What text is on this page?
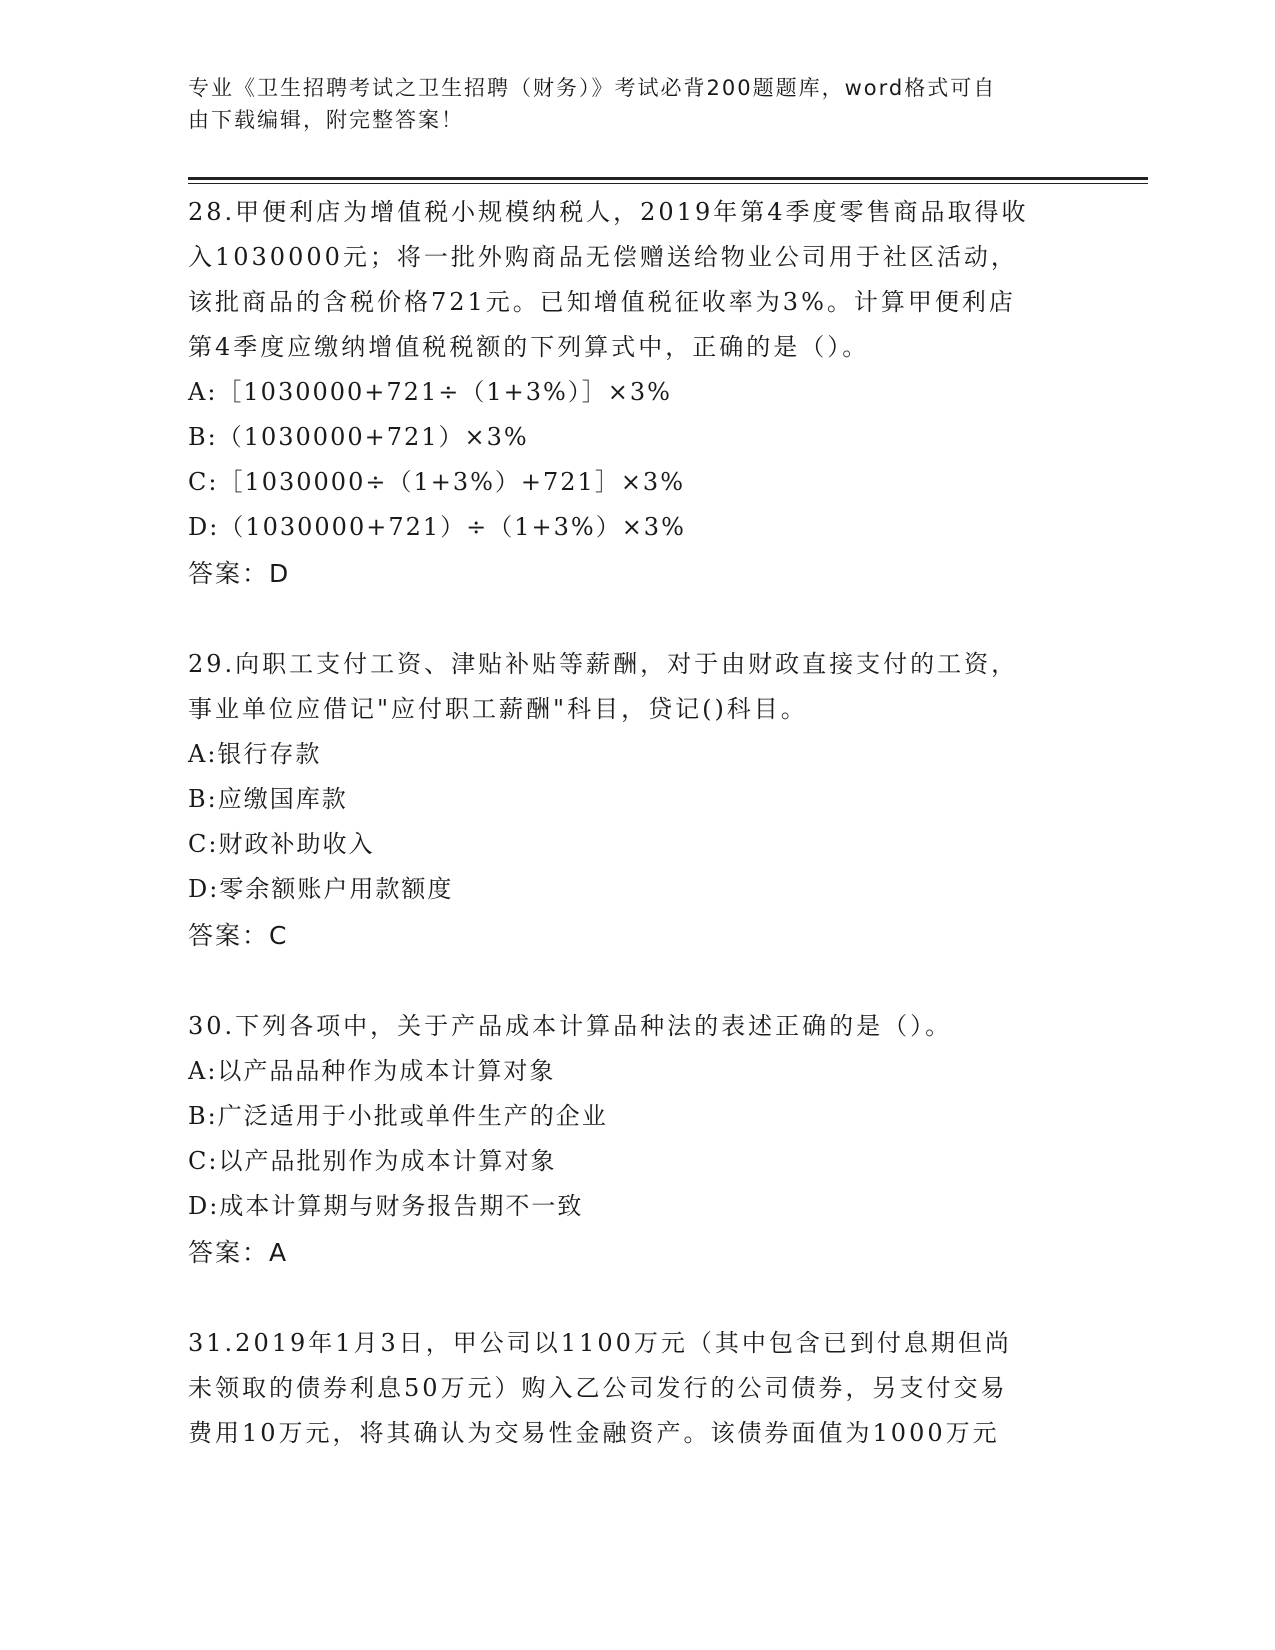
专业《卫生招聘考试之卫生招聘（财务）》考试必背200题题库，word格式可自
由下载编辑，附完整答案！
28.甲便利店为增值税小规模纳税人，2019年第4季度零售商品取得收
入1030000元；将一批外购商品无偿赠送给物业公司用于社区活动，
该批商品的含税价格721元。已知增值税征收率为3%。计算甲便利店
第4季度应缴纳增值税税额的下列算式中，正确的是（）。
A:［1030000+721÷（1+3%）］×3%
B:（1030000+721）×3%
C:［1030000÷（1+3%）+721］×3%
D:（1030000+721）÷（1+3%）×3%
答案：D
29.向职工支付工资、津贴补贴等薪酬，对于由财政直接支付的工资，
事业单位应借记"应付职工薪酬"科目，贷记()科目。
A:银行存款
B:应缴国库款
C:财政补助收入
D:零余额账户用款额度
答案：C
30.下列各项中，关于产品成本计算品种法的表述正确的是（）。
A:以产品品种作为成本计算对象
B:广泛适用于小批或单件生产的企业
C:以产品批别作为成本计算对象
D:成本计算期与财务报告期不一致
答案：A
31.2019年1月3日，甲公司以1100万元（其中包含已到付息期但尚
未领取的债券利息50万元）购入乙公司发行的公司债券，另支付交易
费用10万元，将其确认为交易性金融资产。该债券面值为1000万元
